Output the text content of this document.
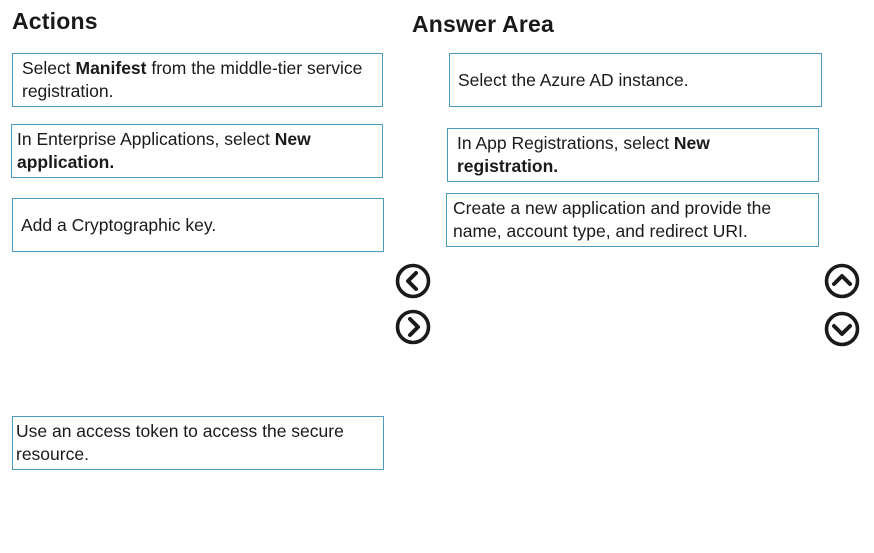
Actions	Answer Area
Select Manifest from the middle-tier service registration.
In Enterprise Applications, select New application.
Add a Cryptographic key.
Use an access token to access the secure resource.
Select the Azure AD instance.
In App Registrations, select New registration.
Create a new application and provide the name, account type, and redirect URI.
